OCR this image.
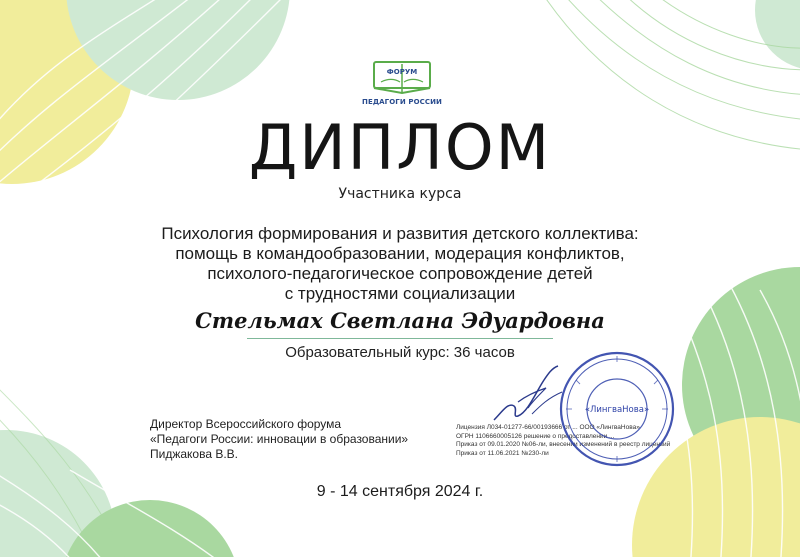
ФОРУМ
ПЕДАГОГИ РОССИИ
ДИПЛОМ
Участника курса
Психология формирования и развития детского коллектива:
помощь в командообразовании, модерация конфликтов,
психолого-педагогическое сопровождение детей
с трудностями социализации
Стельмах Светлана Эдуардовна
Образовательный курс: 36 часов
Директор Всероссийского форума
«Педагоги России: инновации в образовании»
Пиджакова В.В.
Лицензия Л034-01277-66/00193666 от ... ООО «ЛингваНова»
ОГРН 1106660005126 решение о предоставлении ...
Приказ от 09.01.2020 №06-ли, внесении изменений в реестр лицензий
Приказ от 11.06.2021 №230-ли
«ЛингваНова»
9 - 14 сентября 2024 г.
